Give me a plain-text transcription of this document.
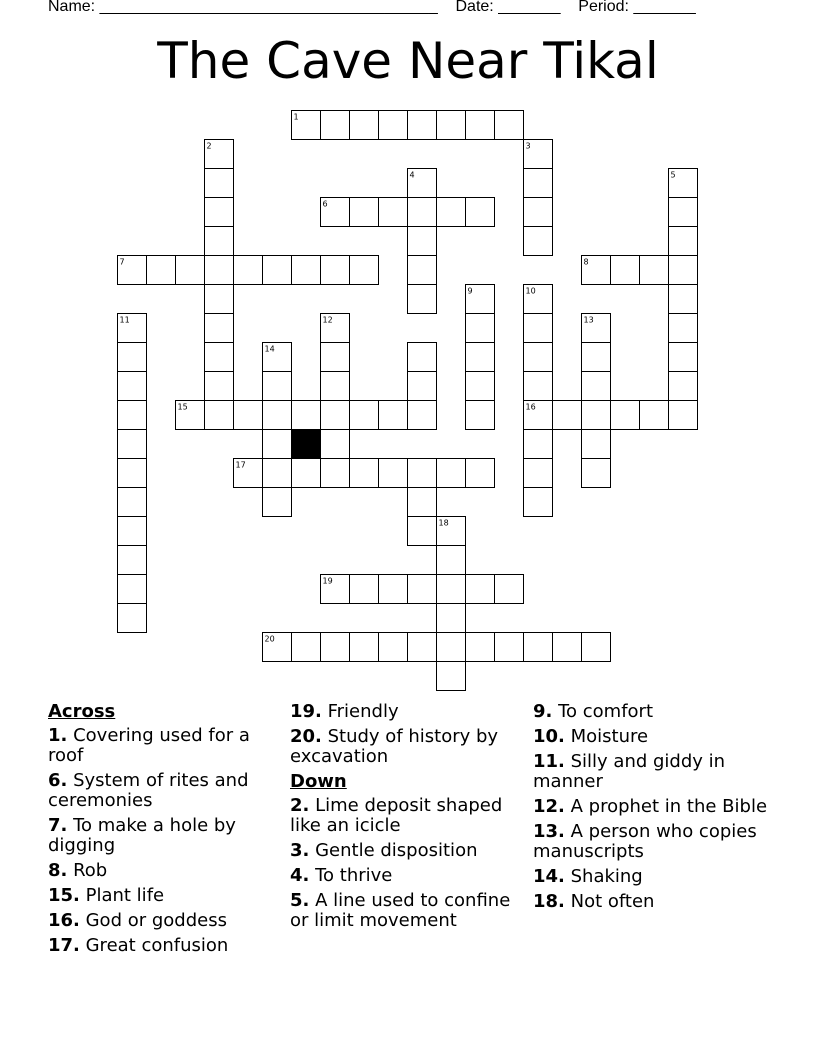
Name: ______________________________________ Date: _______ Period: _______
The Cave Near Tikal
1
2	3
4	5
6
7	8
9	10
11	12	13
14
15	16
17
18
19
20
Across
1. Covering used for a roof
6. System of rites and ceremonies
7. To make a hole by digging
8. Rob
15. Plant life
16. God or goddess
17. Great confusion
19. Friendly
20. Study of history by excavation
Down
2. Lime deposit shaped like an icicle
3. Gentle disposition
4. To thrive
5. A line used to confine or limit movement
9. To comfort
10. Moisture
11. Silly and giddy in manner
12. A prophet in the Bible
13. A person who copies manuscripts
14. Shaking
18. Not often
